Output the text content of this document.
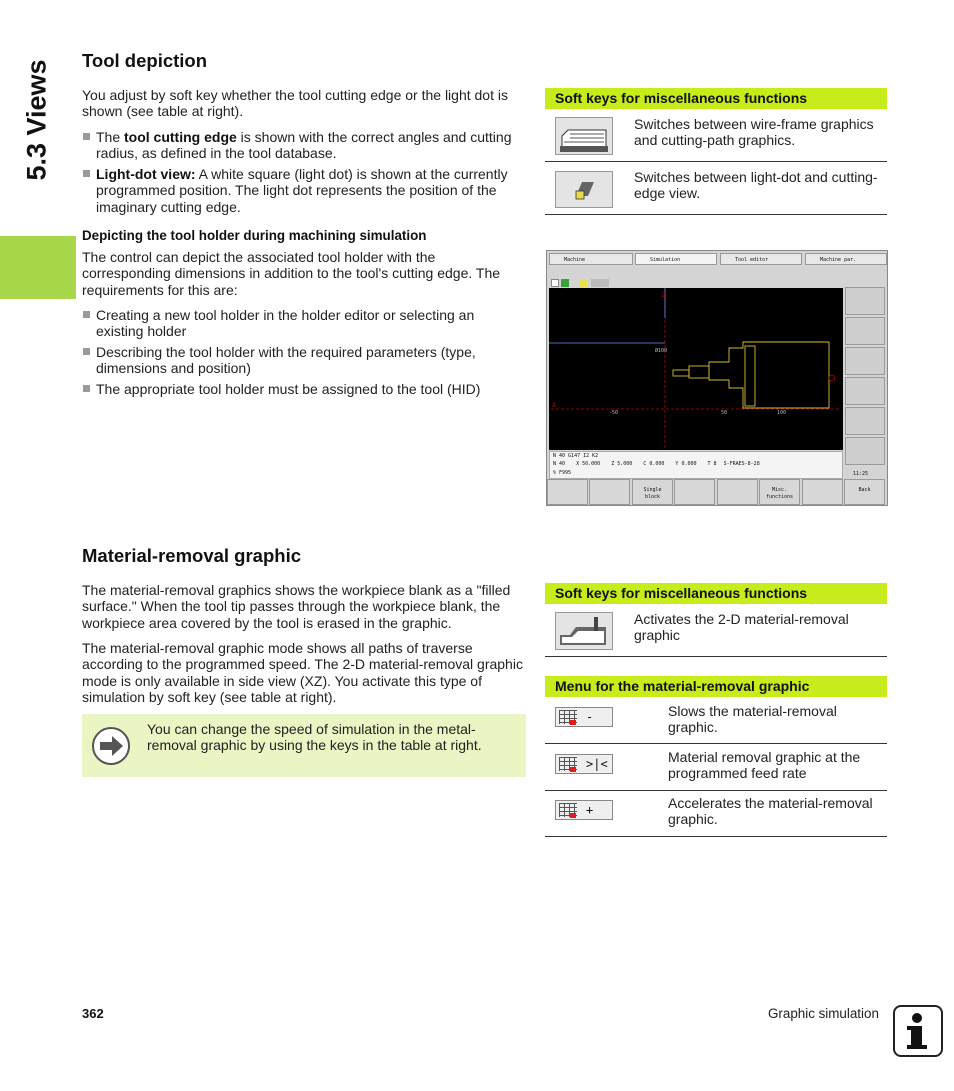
5.3 Views Tool depiction

You adjust by soft key whether the tool cutting edge or the light dot is shown (see table at right).

The tool cutting edge is shown with the correct angles and cutting radius, as defined in the tool database.
Light-dot view: A white square (light dot) is shown at the currently programmed position. The light dot represents the position of the imaginary cutting edge.
Depicting the tool holder during machining simulation

The control can depict the associated tool holder with the corresponding dimensions in addition to the tool's cutting edge. The requirements for this are:

Creating a new tool holder in the holder editor or selecting an existing holder
Describing the tool holder with the required parameters (type, dimensions and position)
The appropriate tool holder must be assigned to the tool (HID)
Soft keys for miscellaneous functions
Switches between wire-frame graphics and cutting-path graphics.
Switches between light-dot and cutting-edge view.
Machine	Simulation	Tool editor	Machine par.
Z
X
Ø100
-50	50	100
N 40 G147 I2 K2
N 40 X 50.000 Z 5.000 C 0.000 Y 0.000 T 8 S-FRAES-8-28
% F995	11:25
Single
block
Misc.
functions
Back
Material-removal graphic

The material-removal graphics shows the workpiece blank as a "filled surface." When the tool tip passes through the workpiece blank, the workpiece area covered by the tool is erased in the graphic.

The material-removal graphic mode shows all paths of traverse according to the programmed speed. The 2-D material-removal graphic mode is only available in side view (XZ). You activate this type of simulation by soft key (see table at right).

You can change the speed of simulation in the metal-removal graphic by using the keys in the table at right.
Soft keys for miscellaneous functions
Activates the 2-D material-removal graphic
Menu for the material-removal graphic
-	Slows the material-removal graphic.
>|<	Material removal graphic at the programmed feed rate
+	Accelerates the material-removal graphic.
362	Graphic simulation
